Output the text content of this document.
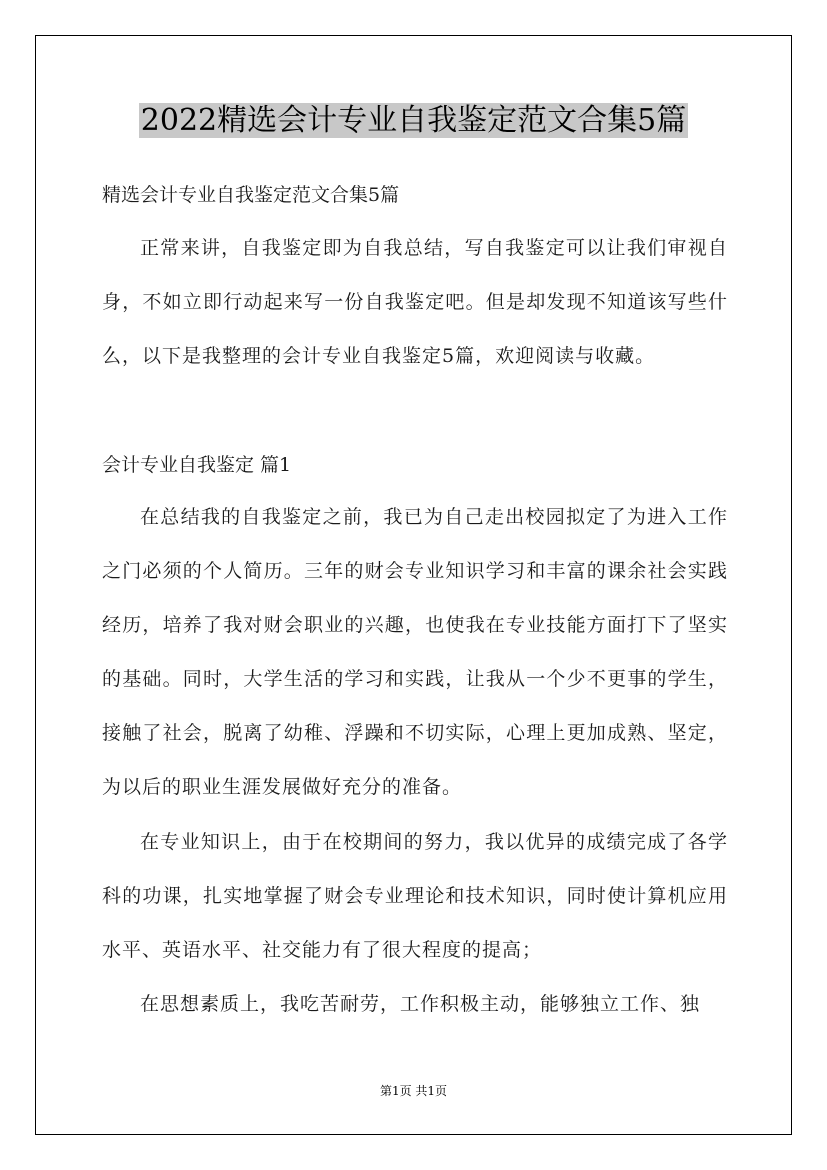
2022精选会计专业自我鉴定范文合集5篇
精选会计专业自我鉴定范文合集5篇
正常来讲，自我鉴定即为自我总结，写自我鉴定可以让我们审视自身，不如立即行动起来写一份自我鉴定吧。但是却发现不知道该写些什么，以下是我整理的会计专业自我鉴定5篇，欢迎阅读与收藏。
会计专业自我鉴定 篇1
在总结我的自我鉴定之前，我已为自己走出校园拟定了为进入工作之门必须的个人简历。三年的财会专业知识学习和丰富的课余社会实践经历，培养了我对财会职业的兴趣，也使我在专业技能方面打下了坚实的基础。同时，大学生活的学习和实践，让我从一个少不更事的学生，接触了社会，脱离了幼稚、浮躁和不切实际，心理上更加成熟、坚定，为以后的职业生涯发展做好充分的准备。
在专业知识上，由于在校期间的努力，我以优异的成绩完成了各学科的功课，扎实地掌握了财会专业理论和技术知识，同时使计算机应用水平、英语水平、社交能力有了很大程度的提高；
在思想素质上，我吃苦耐劳，工作积极主动，能够独立工作、独
第1页 共1页
